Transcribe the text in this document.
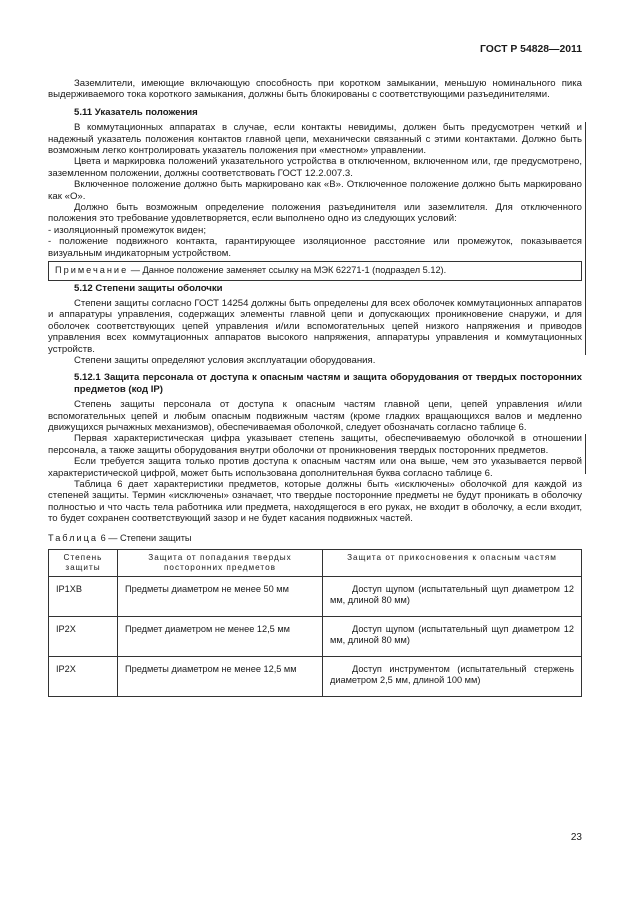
ГОСТ Р 54828—2011

Заземлители, имеющие включающую способность при коротком замыкании, меньшую номинального пика выдерживаемого тока короткого замыкания, должны быть блокированы с соответствующими разъединителями.

5.11 Указатель положения

В коммутационных аппаратах в случае, если контакты невидимы, должен быть предусмотрен четкий и надежный указатель положения контактов главной цепи, механически связанный с этими контактами. Должно быть возможным легко контролировать указатель положения при «местном» управлении.

Цвета и маркировка положений указательного устройства в отключенном, включенном или, где предусмотрено, заземленном положении, должны соответствовать ГОСТ 12.2.007.3.

Включенное положение должно быть маркировано как «В». Отключенное положение должно быть маркировано как «О».

Должно быть возможным определение положения разъединителя или заземлителя. Для отключенного положения это требование удовлетворяется, если выполнено одно из следующих условий:

- изоляционный промежуток виден;

- положение подвижного контакта, гарантирующее изоляционное расстояние или промежуток, показывается визуальным индикаторным устройством.

Примечание — Данное положение заменяет ссылку на МЭК 62271-1 (подраздел 5.12).

5.12 Степени защиты оболочки

Степени защиты согласно ГОСТ 14254 должны быть определены для всех оболочек коммутационных аппаратов и аппаратуры управления, содержащих элементы главной цепи и допускающих проникновение снаружи, и для оболочек соответствующих цепей управления и/или вспомогательных цепей низкого напряжения и приводов управления всех коммутационных аппаратов высокого напряжения, аппаратуры управления и коммутационных устройств.

Степени защиты определяют условия эксплуатации оборудования.

5.12.1 Защита персонала от доступа к опасным частям и защита оборудования от твердых посторонних предметов (код IP)

Степень защиты персонала от доступа к опасным частям главной цепи, цепей управления и/или вспомогательных цепей и любым опасным подвижным частям (кроме гладких вращающихся валов и медленно движущихся рычажных механизмов), обеспечиваемая оболочкой, следует обозначать согласно таблице 6.

Первая характеристическая цифра указывает степень защиты, обеспечиваемую оболочкой в отношении персонала, а также защиты оборудования внутри оболочки от проникновения твердых посторонних предметов.

Если требуется защита только против доступа к опасным частям или она выше, чем это указывается первой характеристической цифрой, может быть использована дополнительная буква согласно таблице 6.

Таблица 6 дает характеристики предметов, которые должны быть «исключены» оболочкой для каждой из степеней защиты. Термин «исключены» означает, что твердые посторонние предметы не будут проникать в оболочку полностью и что часть тела работника или предмета, находящегося в его руках, не входит в оболочку, а если входит, то будет сохранен соответствующий зазор и не будет касания подвижных частей.

Таблица 6 — Степени защиты
Степень защиты	Защита от попадания твердых посторонних предметов	Защита от прикосновения к опасным частям
IP1XB	Предметы диаметром не менее 50 мм	Доступ щупом (испытательный щуп диаметром 12 мм, длиной 80 мм)
IP2X	Предмет диаметром не менее 12,5 мм	Доступ щупом (испытательный щуп диаметром 12 мм, длиной 80 мм)
IP2X	Предметы диаметром не менее 12,5 мм	Доступ инструментом (испытательный стержень диаметром 2,5 мм, длиной 100 мм)
23
